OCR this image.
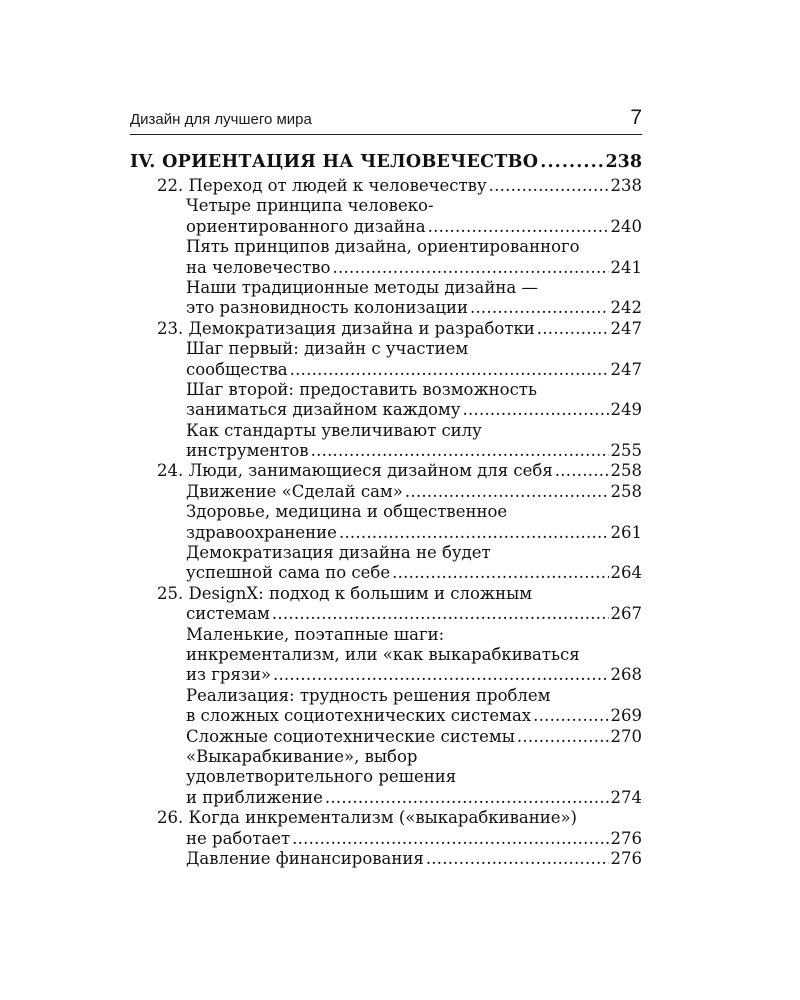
Дизайн для лучшего мира	7
IV. ОРИЕНТАЦИЯ НА ЧЕЛОВЕЧЕСТВО . . .	238
22. Переход от людей к человечеству . . .	238
Четыре принципа человеко-
ориентированного дизайна . . .	240
Пять принципов дизайна, ориентированного
на человечество . . .	241
Наши традиционные методы дизайна —
это разновидность колонизации . . .	242
23. Демократизация дизайна и разработки . . .	247
Шаг первый: дизайн с участием
сообщества . . .	247
Шаг второй: предоставить возможность
заниматься дизайном каждому . . .	249
Как стандарты увеличивают силу
инструментов . . .	255
24. Люди, занимающиеся дизайном для себя . . .	258
Движение «Сделай сам» . . .	258
Здоровье, медицина и общественное
здравоохранение . . .	261
Демократизация дизайна не будет
успешной сама по себе . . .	264
25. DesignX: подход к большим и сложным
системам . . .	267
Маленькие, поэтапные шаги:
инкрементализм, или «как выкарабкиваться
из грязи» . . .	268
Реализация: трудность решения проблем
в сложных социотехнических системах . . .	269
Сложные социотехнические системы . . .	270
«Выкарабкивание», выбор
удовлетворительного решения
и приближение . . .	274
26. Когда инкрементализм («выкарабкивание»)
не работает . . .	276
Давление финансирования . . .	276
